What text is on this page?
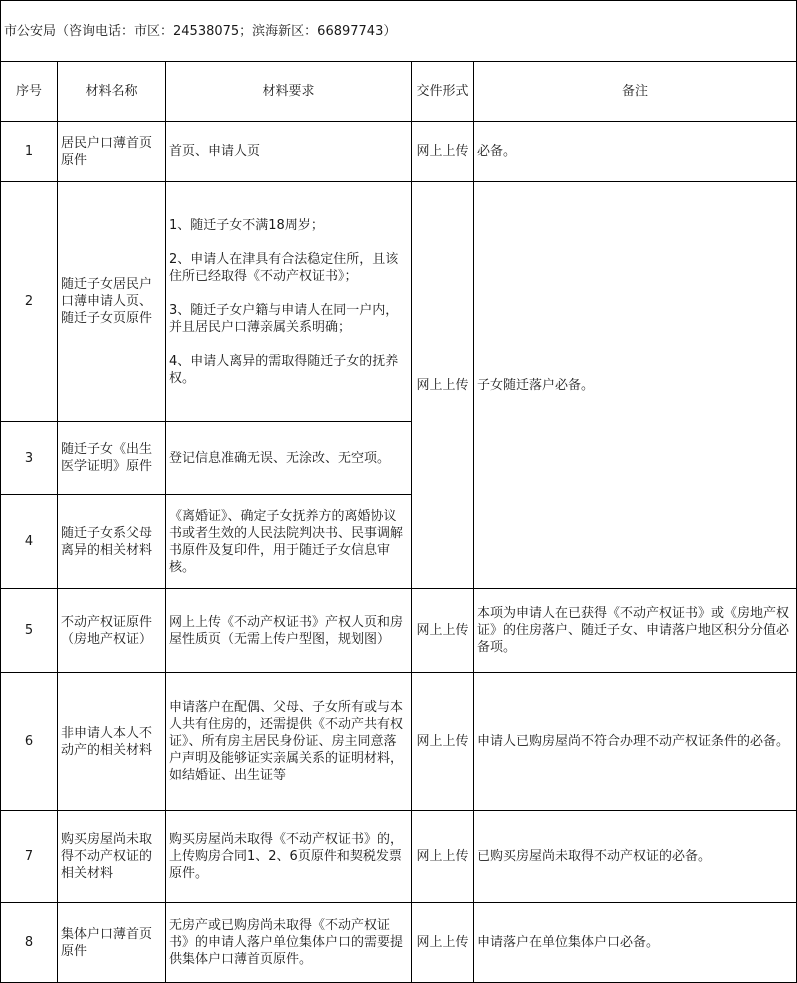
市公安局（咨询电话：市区：24538075；滨海新区：66897743）				
序号	材料名称	材料要求	交件形式	备注
1	居民户口薄首页原件	首页、申请人页	网上上传	必备。
2	随迁子女居民户口薄申请人页、随迁子女页原件	1、随迁子女不满18周岁；
2、申请人在津具有合法稳定住所，且该住所已经取得《不动产权证书》；
3、随迁子女户籍与申请人在同一户内，并且居民户口薄亲属关系明确；
4、申请人离异的需取得随迁子女的抚养权。	网上上传	子女随迁落户必备。
3	随迁子女《出生医学证明》原件	登记信息准确无误、无涂改、无空项。		
4	随迁子女系父母离异的相关材料	《离婚证》、确定子女抚养方的离婚协议书或者生效的人民法院判决书、民事调解书原件及复印件，用于随迁子女信息审核。		
5	不动产权证原件（房地产权证）	网上上传《不动产权证书》产权人页和房屋性质页（无需上传户型图，规划图）	网上上传	本项为申请人在已获得《不动产权证书》或《房地产权证》的住房落户、随迁子女、申请落户地区积分分值必备项。
6	非申请人本人不动产的相关材料	申请落户在配偶、父母、子女所有或与本人共有住房的，还需提供《不动产共有权证》、所有房主居民身份证、房主同意落户声明及能够证实亲属关系的证明材料，如结婚证、出生证等	网上上传	申请人已购房屋尚不符合办理不动产权证条件的必备。
7	购买房屋尚未取得不动产权证的相关材料	购买房屋尚未取得《不动产权证书》的，上传购房合同1、2、6页原件和契税发票原件。	网上上传	已购买房屋尚未取得不动产权证的必备。
8	集体户口薄首页原件	无房产或已购房尚未取得《不动产权证书》的申请人落户单位集体户口的需要提供集体户口薄首页原件。	网上上传	申请落户在单位集体户口必备。
